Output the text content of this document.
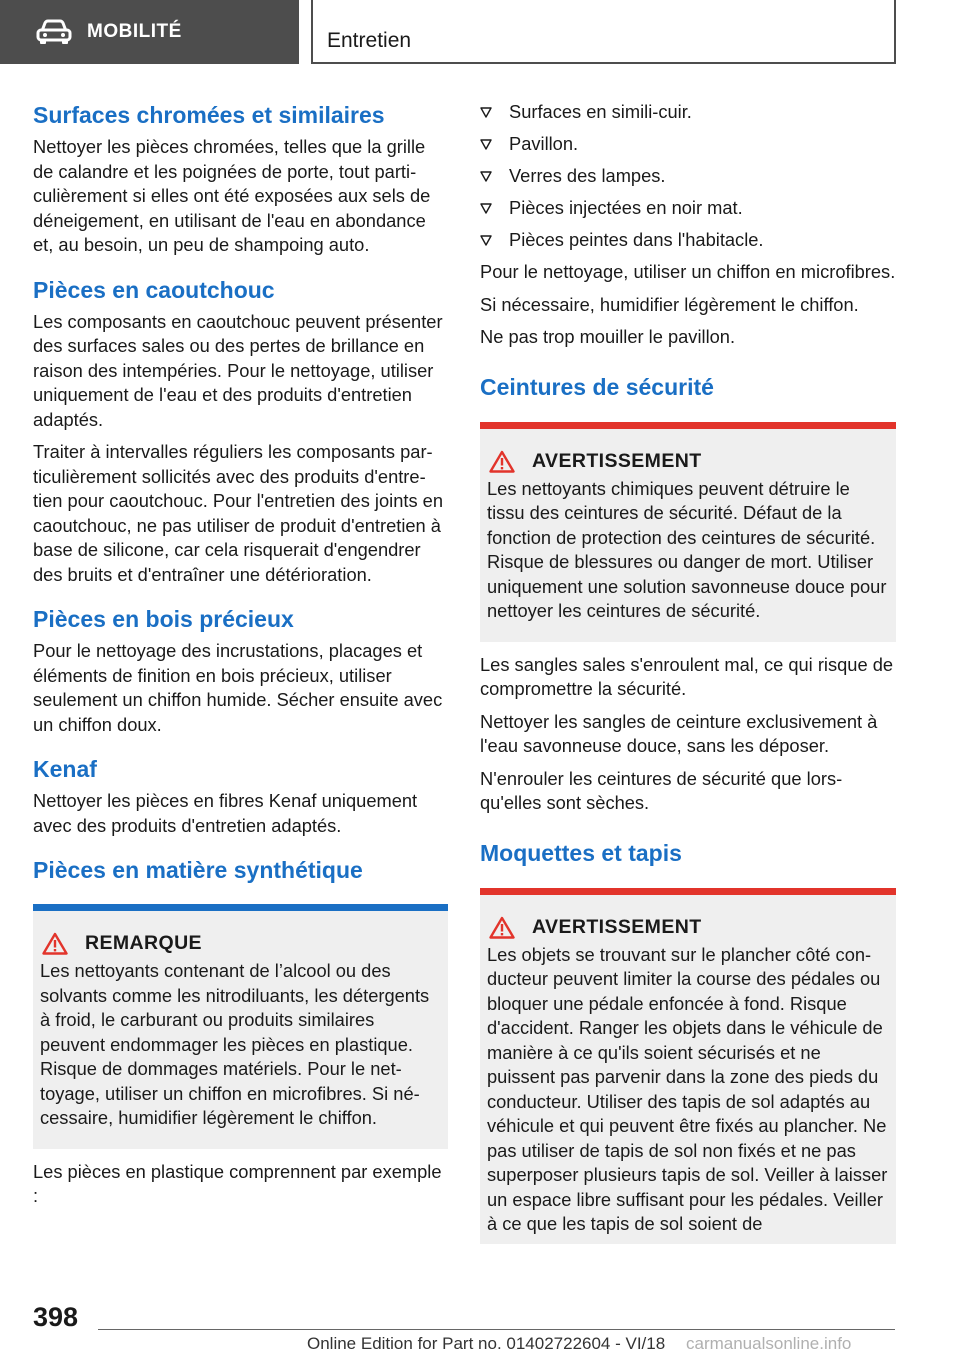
MOBILITÉ	Entretien
Surfaces chromées et similaires

Nettoyer les pièces chromées, telles que la grille de calandre et les poignées de porte, tout particulièrement si elles ont été exposées aux sels de déneigement, en utilisant de l'eau en abondance et, au besoin, un peu de shampoing auto.

Pièces en caoutchouc

Les composants en caoutchouc peuvent présenter des surfaces sales ou des pertes de brillance en raison des intempéries. Pour le nettoyage, utiliser uniquement de l'eau et des produits d'entretien adaptés.

Traiter à intervalles réguliers les composants particulièrement sollicités avec des produits d'entretien pour caoutchouc. Pour l'entretien des joints en caoutchouc, ne pas utiliser de produit d'entretien à base de silicone, car cela risquerait d'engendrer des bruits et d'entraîner une détérioration.

Pièces en bois précieux

Pour le nettoyage des incrustations, placages et éléments de finition en bois précieux, utiliser seulement un chiffon humide. Sécher ensuite avec un chiffon doux.

Kenaf

Nettoyer les pièces en fibres Kenaf uniquement avec des produits d'entretien adaptés.

Pièces en matière synthétique
REMARQUE

Les nettoyants contenant de l’alcool ou des solvants comme les nitrodiluants, les détergents à froid, le carburant ou produits similaires peuvent endommager les pièces en plastique. Risque de dommages matériels. Pour le nettoyage, utiliser un chiffon en microfibres. Si nécessaire, humidifier légèrement le chiffon.

Les pièces en plastique comprennent par exemple :

Surfaces en simili-cuir.
Pavillon.
Verres des lampes.
Pièces injectées en noir mat.
Pièces peintes dans l'habitacle.

Pour le nettoyage, utiliser un chiffon en microfibres.

Si nécessaire, humidifier légèrement le chiffon.

Ne pas trop mouiller le pavillon.

Ceintures de sécurité
AVERTISSEMENT

Les nettoyants chimiques peuvent détruire le tissu des ceintures de sécurité. Défaut de la fonction de protection des ceintures de sécurité. Risque de blessures ou danger de mort. Utiliser uniquement une solution savonneuse douce pour nettoyer les ceintures de sécurité.

Les sangles sales s'enroulent mal, ce qui risque de compromettre la sécurité.

Nettoyer les sangles de ceinture exclusivement à l'eau savonneuse douce, sans les déposer.

N'enrouler les ceintures de sécurité que lorsqu'elles sont sèches.

Moquettes et tapis
AVERTISSEMENT

Les objets se trouvant sur le plancher côté conducteur peuvent limiter la course des pédales ou bloquer une pédale enfoncée à fond. Risque d'accident. Ranger les objets dans le véhicule de manière à ce qu'ils soient sécurisés et ne puissent pas parvenir dans la zone des pieds du conducteur. Utiliser des tapis de sol adaptés au véhicule et qui peuvent être fixés au plancher. Ne pas utiliser de tapis de sol non fixés et ne pas superposer plusieurs tapis de sol. Veiller à laisser un espace libre suffisant pour les pédales. Veiller à ce que les tapis de sol soient de

398
Online Edition for Part no. 01402722604 - VI/18 carmanualsonline.info
